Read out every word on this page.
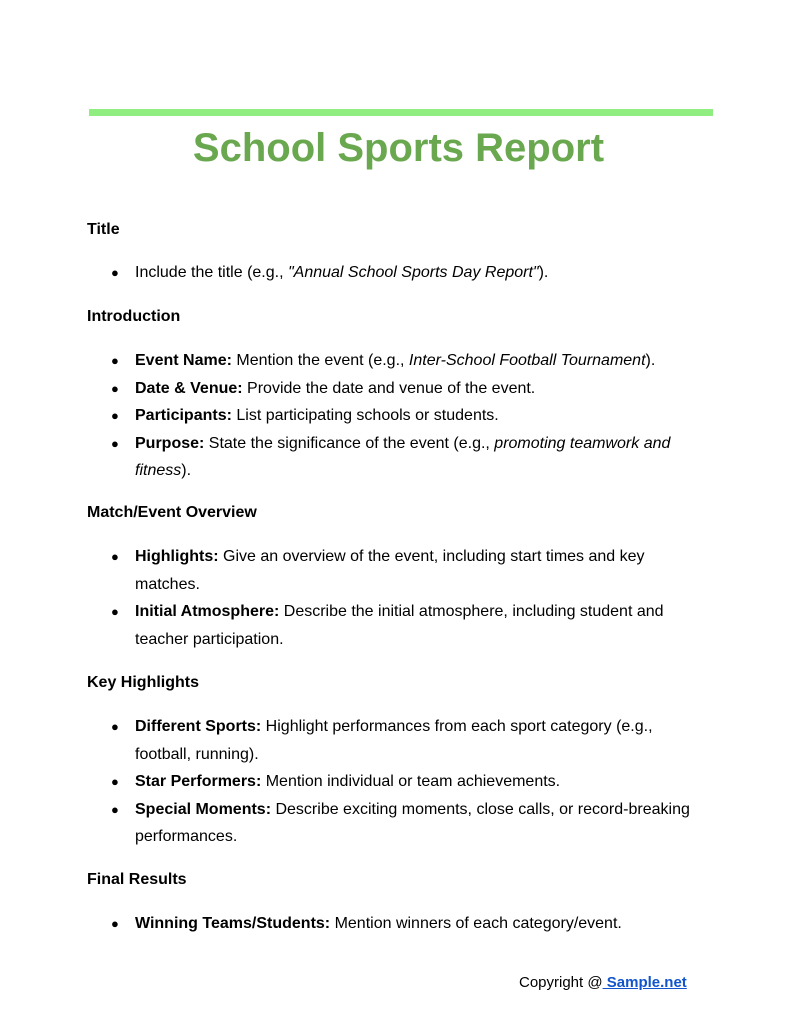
School Sports Report
Title
● Include the title (e.g., "Annual School Sports Day Report").
Introduction
● Event Name: Mention the event (e.g., Inter-School Football Tournament).
● Date & Venue: Provide the date and venue of the event.
● Participants: List participating schools or students.
● Purpose: State the significance of the event (e.g., promoting teamwork and fitness).
Match/Event Overview
● Highlights: Give an overview of the event, including start times and key matches.
● Initial Atmosphere: Describe the initial atmosphere, including student and teacher participation.
Key Highlights
● Different Sports: Highlight performances from each sport category (e.g., football, running).
● Star Performers: Mention individual or team achievements.
● Special Moments: Describe exciting moments, close calls, or record-breaking performances.
Final Results
● Winning Teams/Students: Mention winners of each category/event.
Copyright @ Sample.net
